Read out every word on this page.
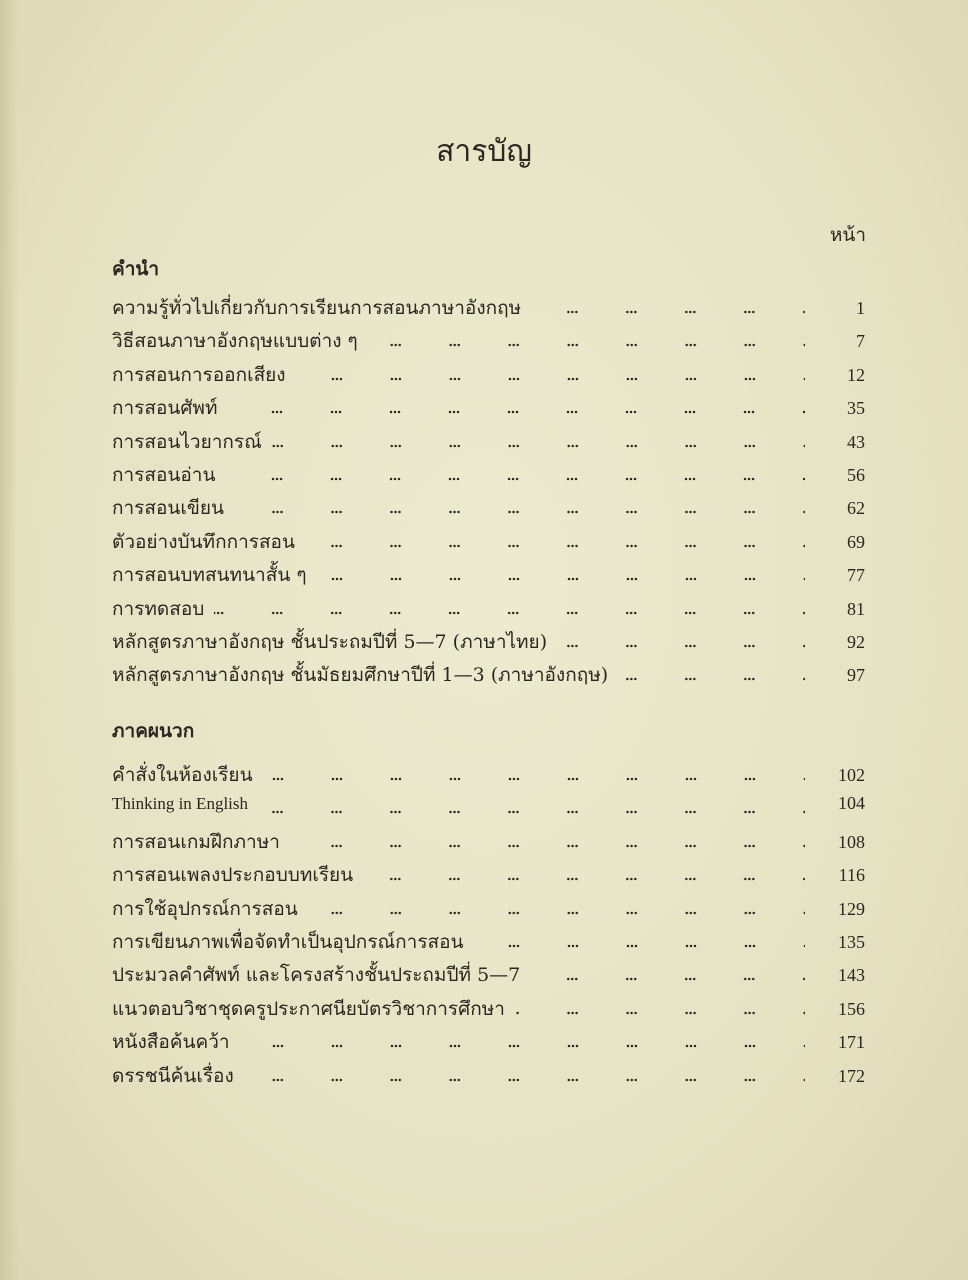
สารบัญ
หน้า
คำนำ
ความรู้ทั่วไปเกี่ยวกับการเรียนการสอนภาษาอังกฤษ	1
วิธีสอนภาษาอังกฤษแบบต่าง ๆ	7
การสอนการออกเสียง	12
การสอนศัพท์	35
การสอนไวยากรณ์	43
การสอนอ่าน	56
การสอนเขียน	62
ตัวอย่างบันทึกการสอน	69
การสอนบทสนทนาสั้น ๆ	77
การทดสอบ	81
หลักสูตรภาษาอังกฤษ ชั้นประถมปีที่ 5—7 (ภาษาไทย)	92
หลักสูตรภาษาอังกฤษ ชั้นมัธยมศึกษาปีที่ 1—3 (ภาษาอังกฤษ)	97
ภาคผนวก
คำสั่งในห้องเรียน	102
Thinking in English	104
การสอนเกมฝึกภาษา	108
การสอนเพลงประกอบบทเรียน	116
การใช้อุปกรณ์การสอน	129
การเขียนภาพเพื่อจัดทำเป็นอุปกรณ์การสอน	135
ประมวลคำศัพท์ และโครงสร้างชั้นประถมปีที่ 5—7	143
แนวตอบวิชาชุดครูประกาศนียบัตรวิชาการศึกษา	156
หนังสือค้นคว้า	171
ดรรชนีค้นเรื่อง	172
